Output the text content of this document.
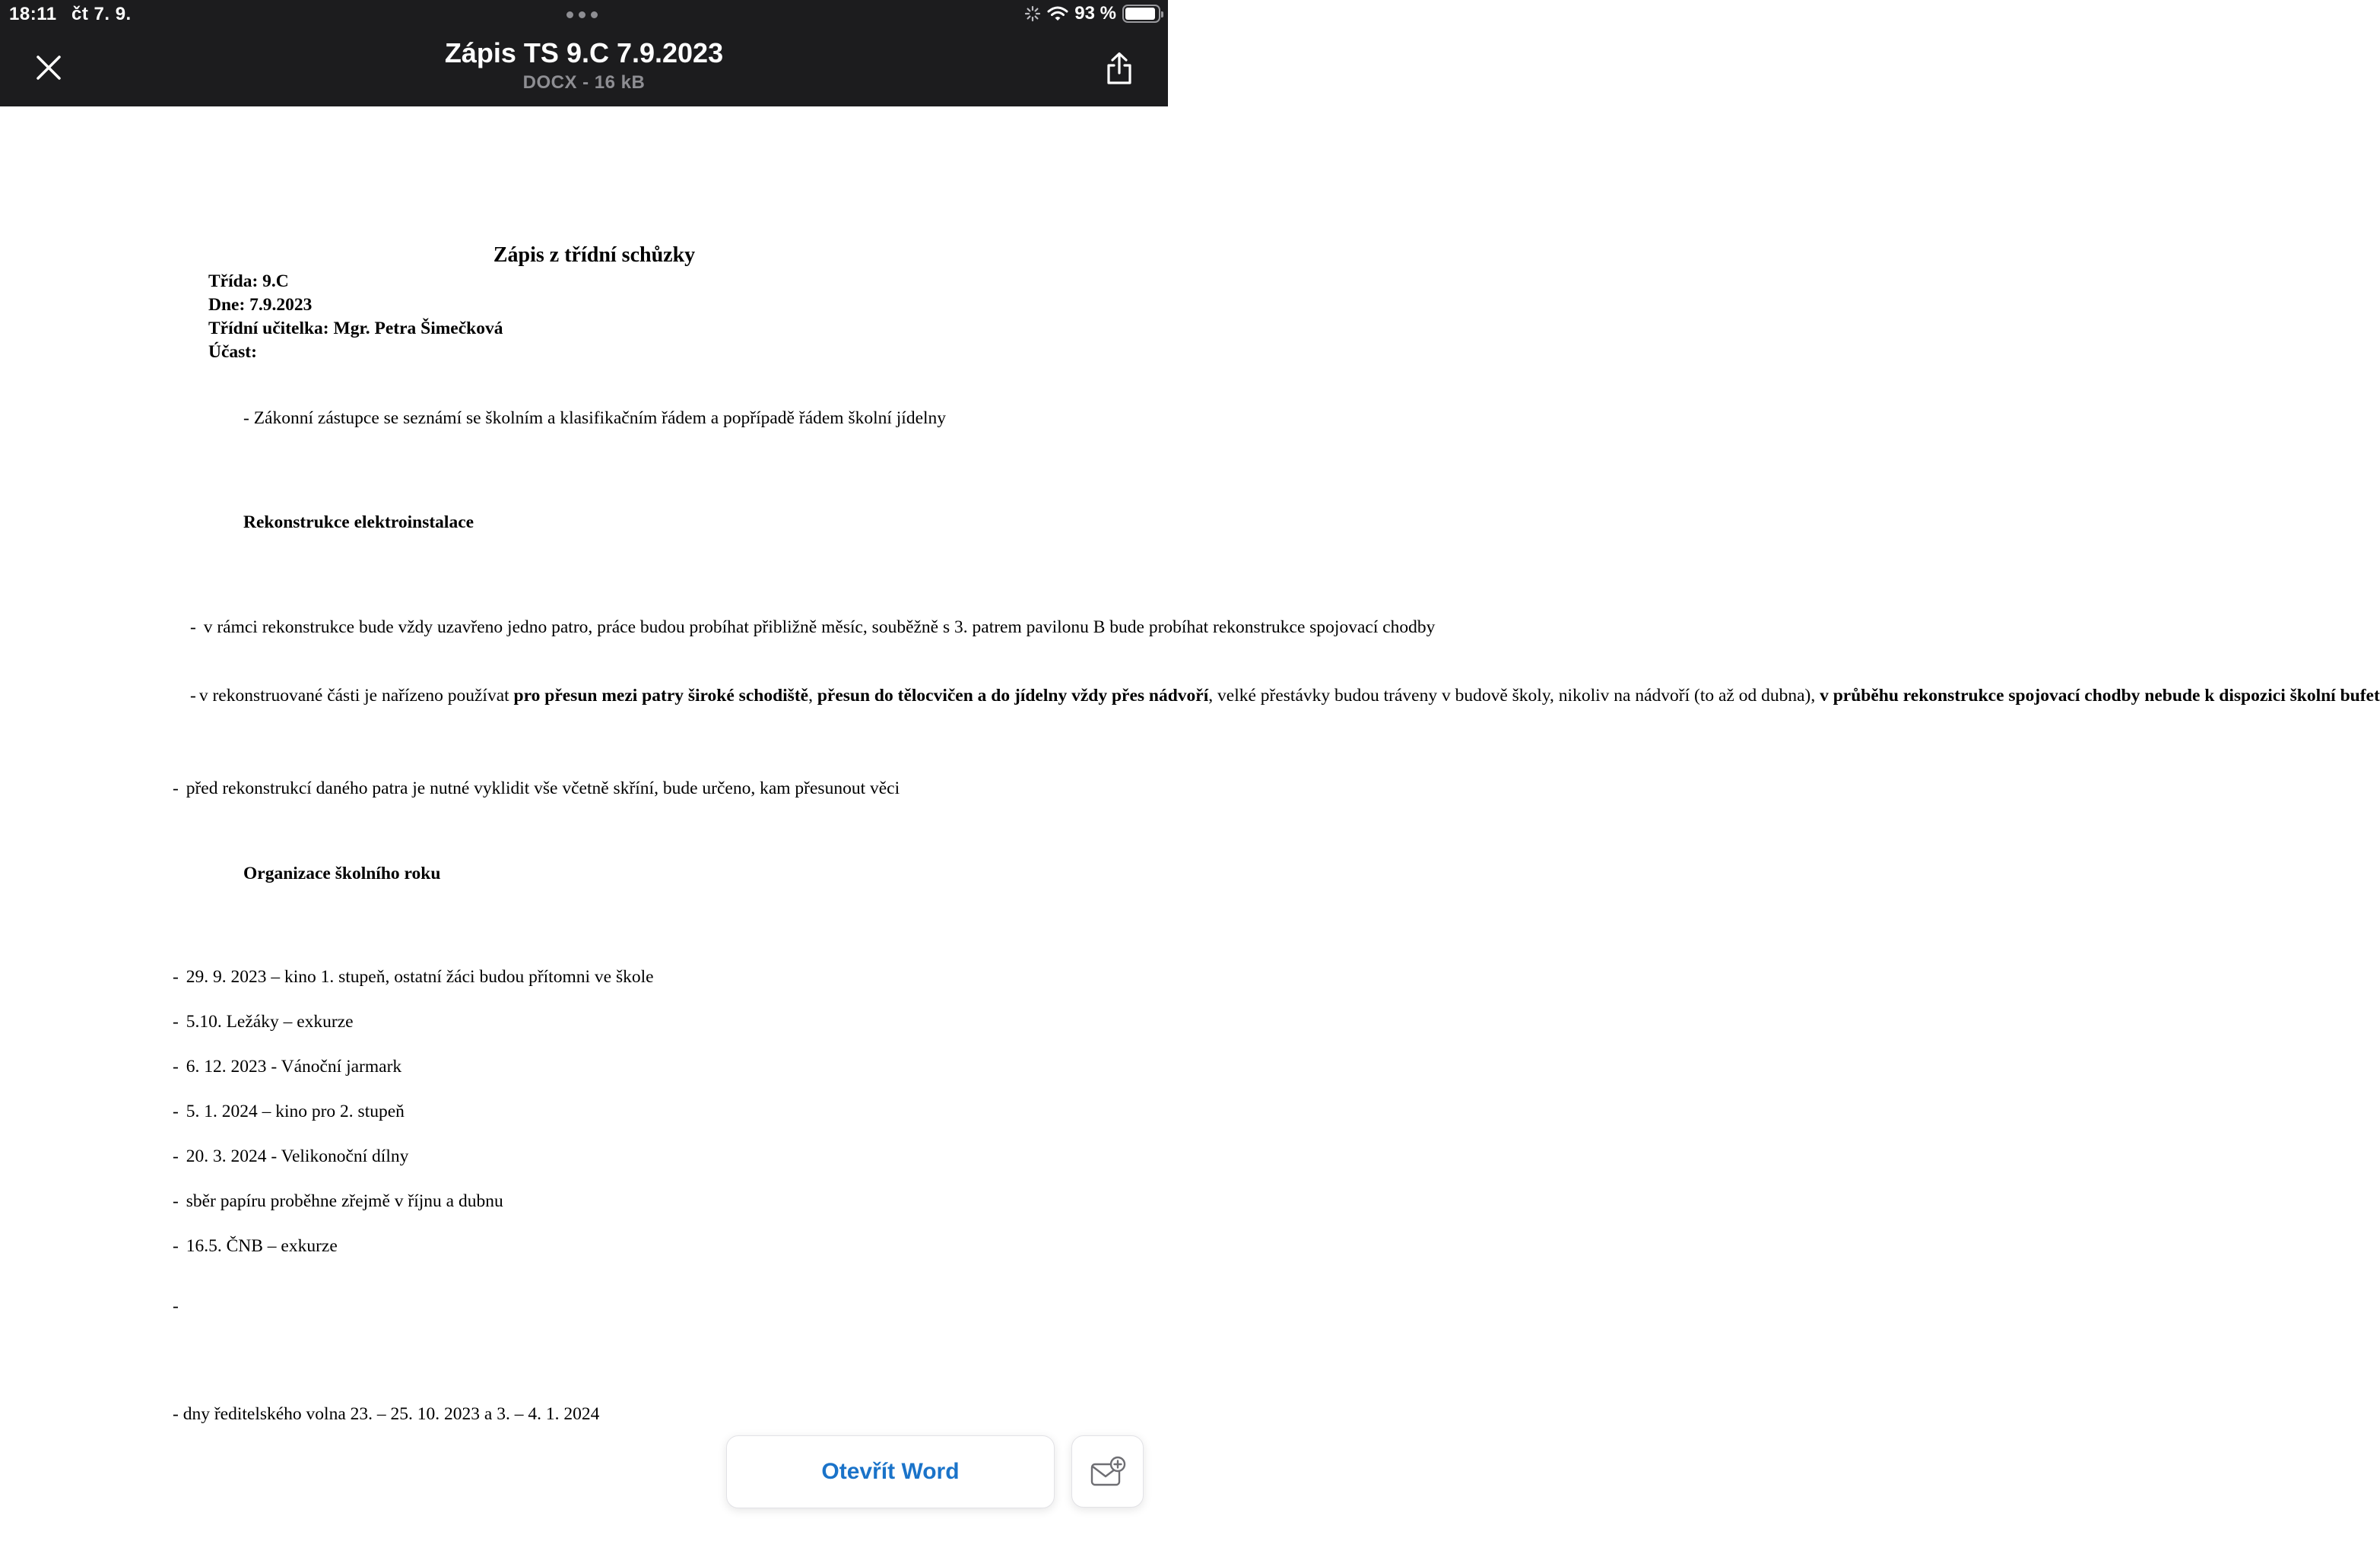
18:11 čt 7. 9.	93 %
Zápis TS 9.C 7.9.2023
DOCX - 16 kB
Zápis z třídní schůzky
Třída: 9.C
Dne: 7.9.2023
Třídní učitelka: Mgr. Petra Šimečková
Účast:
- Zákonní zástupce se seznámí se školním a klasifikačním řádem a popřípadě řádem školní jídelny
Rekonstrukce elektroinstalace
- v rámci rekonstrukce bude vždy uzavřeno jedno patro, práce budou probíhat přibližně měsíc, souběžně s 3. patrem pavilonu B bude probíhat rekonstrukce spojovací chodby
- v rekonstruované části je nařízeno používat pro přesun mezi patry široké schodiště, přesun do tělocvičen a do jídelny vždy přes nádvoří, velké přestávky budou tráveny v budově školy, nikoliv na nádvoří (to až od dubna), v průběhu rekonstrukce spojovací chodby nebude k dispozici školní bufet
- před rekonstrukcí daného patra je nutné vyklidit vše včetně skříní, bude určeno, kam přesunout věci
Organizace školního roku
- 29. 9. 2023 – kino 1. stupeň, ostatní žáci budou přítomni ve škole
- 5.10. Ležáky – exkurze
- 6. 12. 2023 - Vánoční jarmark
- 5. 1. 2024 – kino pro 2. stupeň
- 20. 3. 2024 - Velikonoční dílny
- sběr papíru proběhne zřejmě v říjnu a dubnu
- 16.5. ČNB – exkurze
-
- dny ředitelského volna 23. – 25. 10. 2023 a 3. – 4. 1. 2024
Otevřít Word
